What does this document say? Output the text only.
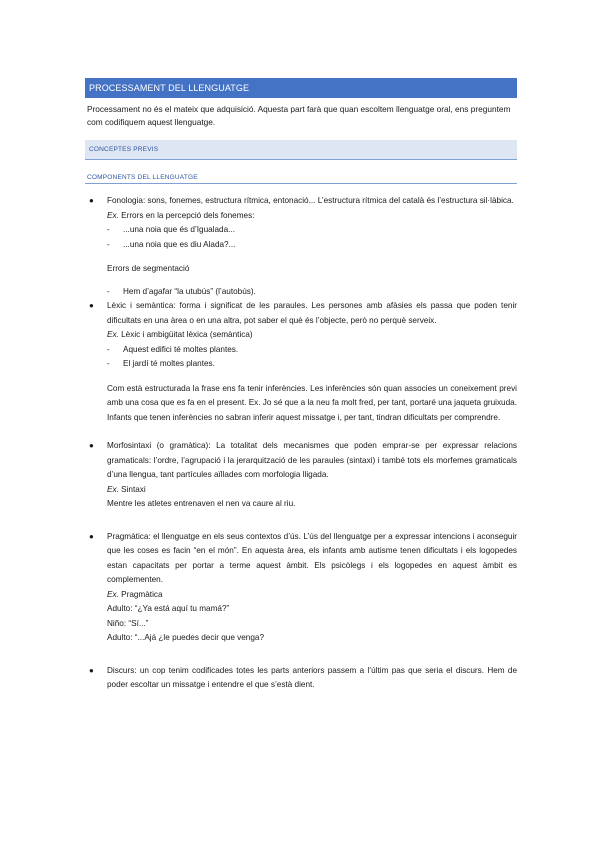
PROCESSAMENT DEL LLENGUATGE
Processament no és el mateix que adquisició. Aquesta part farà que quan escoltem llenguatge oral, ens preguntem com codifiquem aquest llenguatge.
CONCEPTES PREVIS
COMPONENTS DEL LLENGUATGE
● Fonologia: sons, fonemes, estructura rítmica, entonació... L’estructura rítmica del català és l’estructura sil·làbica.
Ex. Errors en la percepció dels fonemes:
-	...una noia que és d’Igualada...
-	...una noia que es diu Alada?...
Errors de segmentació
-	Hem d’agafar “la utubús” (l’autobús).
● Lèxic i semàntica: forma i significat de les paraules. Les persones amb afàsies els passa que poden tenir dificultats en una àrea o en una altra, pot saber el què és l’objecte, però no perquè serveix.
Ex. Lèxic i ambigüitat lèxica (semàntica)
-	Aquest edifici té moltes plantes.
-	El jardí té moltes plantes.
Com està estructurada la frase ens fa tenir inferències. Les inferències són quan associes un coneixement previ amb una cosa que es fa en el present. Ex. Jo sé que a la neu fa molt fred, per tant, portaré una jaqueta gruixuda. Infants que tenen inferències no sabran inferir aquest missatge i, per tant, tindran dificultats per comprendre.
● Morfosintaxi (o gramàtica): La totalitat dels mecanismes que poden emprar-se per expressar relacions gramaticals: l’ordre, l’agrupació i la jerarquització de les paraules (sintaxi) i també tots els morfemes gramaticals d’una llengua, tant partícules aïllades com morfologia lligada.
Ex. Sintaxi
Mentre les atletes entrenaven el nen va caure al riu.
● Pragmàtica: el llenguatge en els seus contextos d’ús. L’ús del llenguatge per a expressar intencions i aconseguir que les coses es facin “en el món”. En aquesta àrea, els infants amb autisme tenen dificultats i els logopedes estan capacitats per portar a terme aquest àmbit. Els psicòlegs i els logopedes en aquest àmbit es complementen.
Ex. Pragmàtica
Adulto: “¿Ya está aquí tu mamá?”
Niño: “Sí...”
Adulto: “...Ajá ¿le puedes decir que venga?
● Discurs: un cop tenim codificades totes les parts anteriors passem a l’últim pas que seria el discurs. Hem de poder escoltar un missatge i entendre el que s’està dient.
